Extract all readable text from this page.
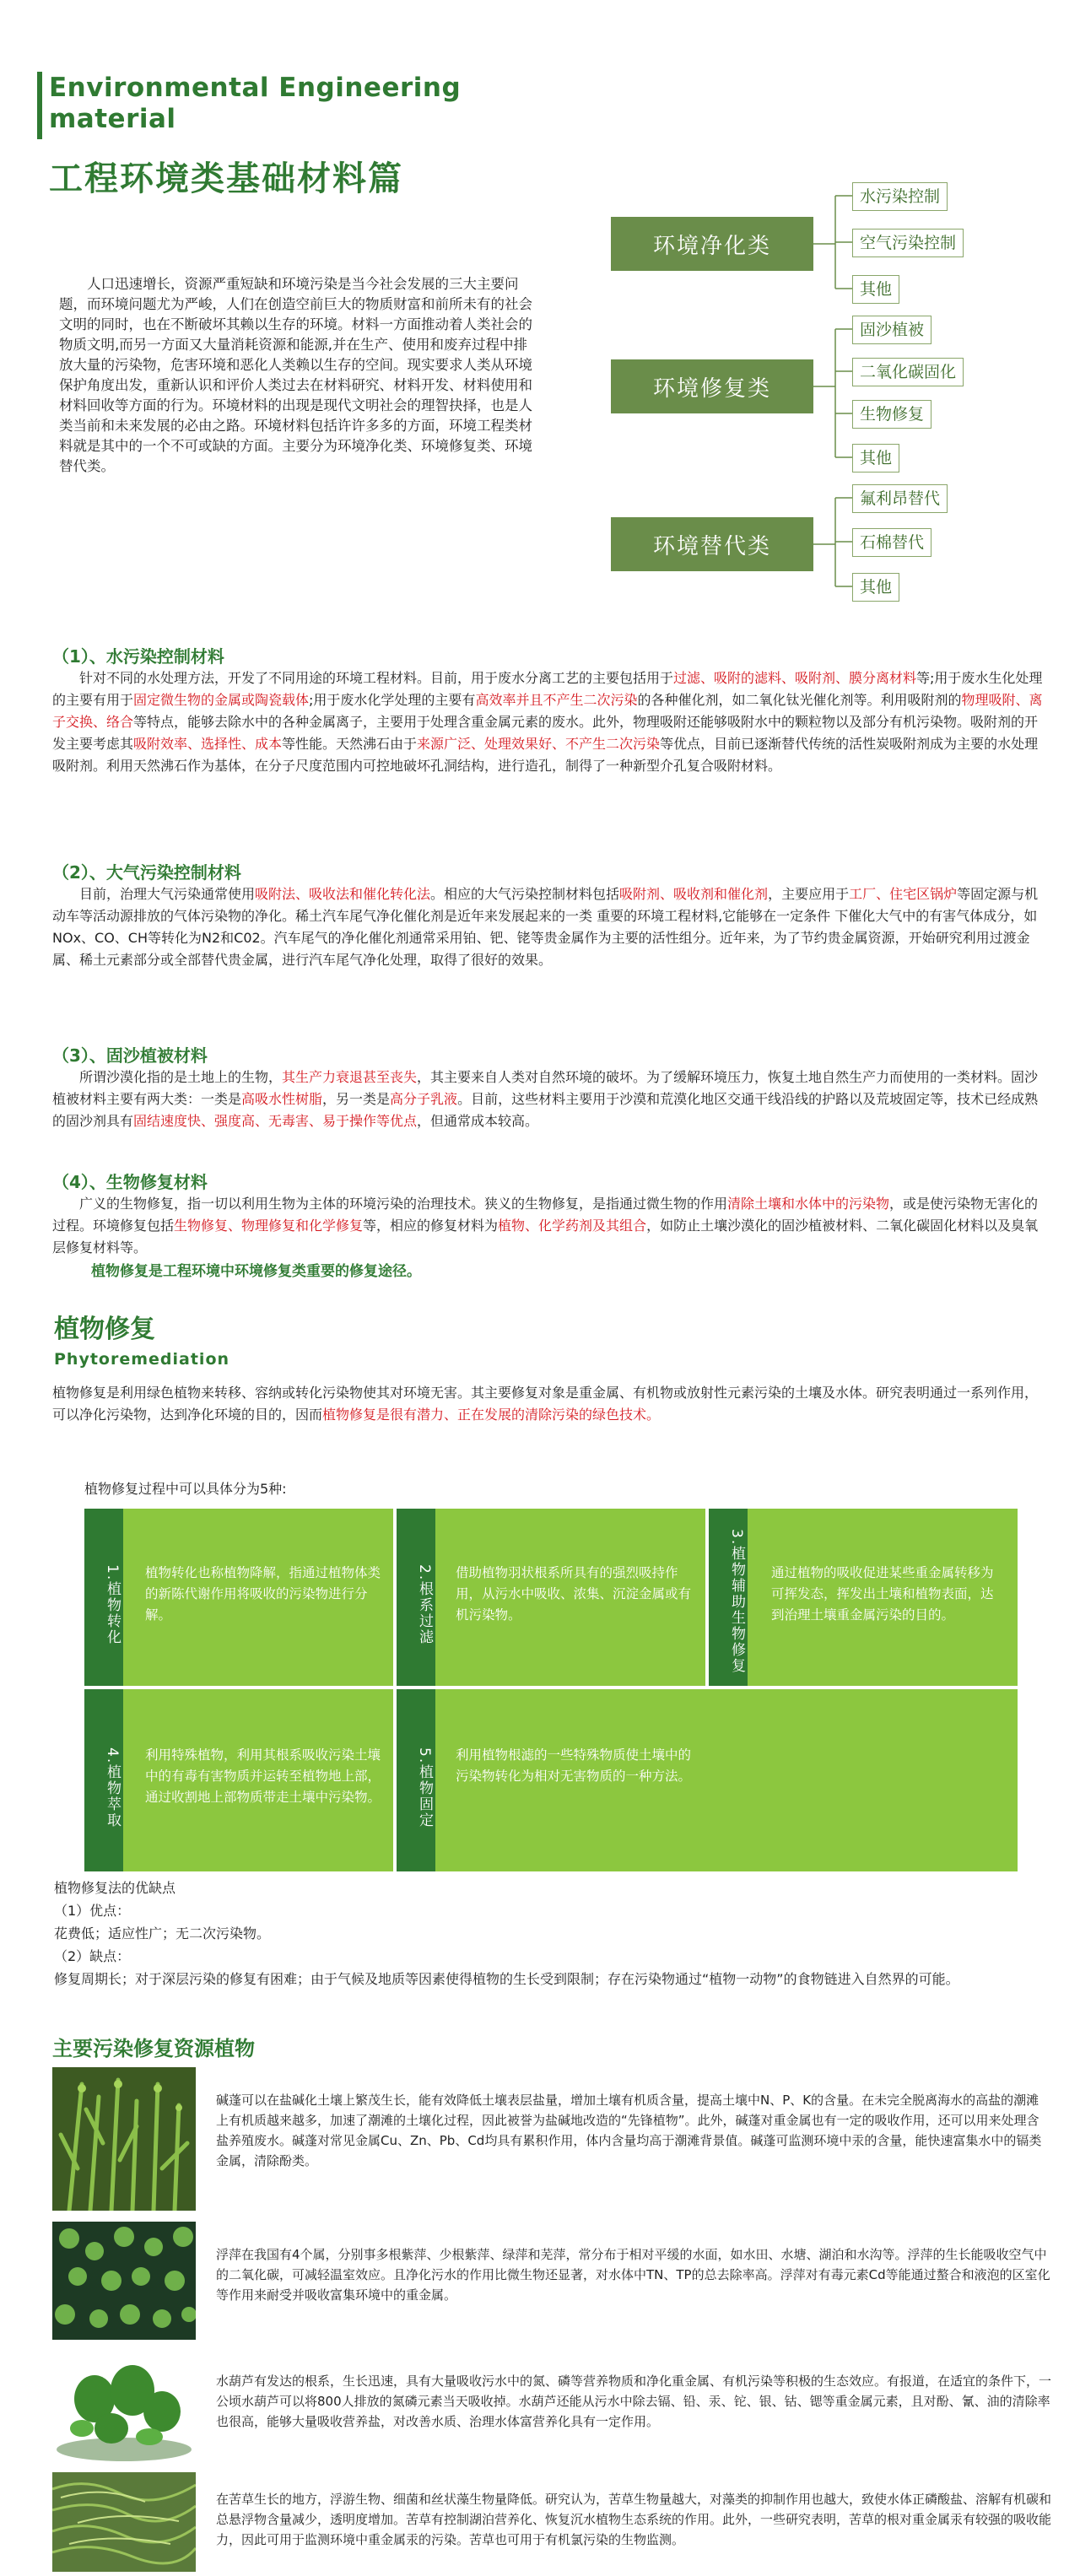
Environmental Engineering
material
工程环境类基础材料篇
人口迅速增长，资源严重短缺和环境污染是当今社会发展的三大主要问题，而环境问题尤为严峻，人们在创造空前巨大的物质财富和前所未有的社会文明的同时，也在不断破坏其赖以生存的环境。材料一方面推动着人类社会的物质文明,而另一方面又大量消耗资源和能源,并在生产、使用和废弃过程中排放大量的污染物，危害环境和恶化人类赖以生存的空间。现实要求人类从环境保护角度出发，重新认识和评价人类过去在材料研究、材料开发、材料使用和材料回收等方面的行为。环境材料的出现是现代文明社会的理智抉择，也是人类当前和未来发展的必由之路。环境材料包括许许多多的方面，环境工程类材料就是其中的一个不可或缺的方面。主要分为环境净化类、环境修复类、环境替代类。
环境净化类
环境修复类
环境替代类
水污染控制
空气污染控制
其他
固沙植被
二氧化碳固化
生物修复
其他
氟利昂替代
石棉替代
其他
（1）、水污染控制材料
针对不同的水处理方法，开发了不同用途的环境工程材料。目前，用于废水分离工艺的主要包括用于过滤、吸附的滤料、吸附剂、膜分离材料等;用于废水生化处理的主要有用于固定微生物的金属或陶瓷载体;用于废水化学处理的主要有高效率并且不产生二次污染的各种催化剂，如二氧化钛光催化剂等。利用吸附剂的物理吸附、离子交换、络合等特点，能够去除水中的各种金属离子，主要用于处理含重金属元素的废水。此外，物理吸附还能够吸附水中的颗粒物以及部分有机污染物。吸附剂的开发主要考虑其吸附效率、选择性、成本等性能。天然沸石由于来源广泛、处理效果好、不产生二次污染等优点，目前已逐渐替代传统的活性炭吸附剂成为主要的水处理吸附剂。利用天然沸石作为基体，在分子尺度范围内可控地破坏孔洞结构，进行造孔，制得了一种新型介孔复合吸附材料。
（2）、大气污染控制材料
目前，治理大气污染通常使用吸附法、吸收法和催化转化法。相应的大气污染控制材料包括吸附剂、吸收剂和催化剂，主要应用于工厂、住宅区锅炉等固定源与机动车等活动源排放的气体污染物的净化。稀土汽车尾气净化催化剂是近年来发展起来的一类 重要的环境工程材料,它能够在一定条件 下催化大气中的有害气体成分，如NOx、CO、CH等转化为N2和C02。汽车尾气的净化催化剂通常采用铂、钯、铑等贵金属作为主要的活性组分。近年来，为了节约贵金属资源，开始研究利用过渡金属、稀土元素部分或全部替代贵金属，进行汽车尾气净化处理，取得了很好的效果。
（3）、固沙植被材料
所谓沙漠化指的是土地上的生物，其生产力衰退甚至丧失，其主要来自人类对自然环境的破坏。为了缓解环境压力，恢复土地自然生产力而使用的一类材料。固沙植被材料主要有两大类：一类是高吸水性树脂，另一类是高分子乳液。目前，这些材料主要用于沙漠和荒漠化地区交通干线沿线的护路以及荒坡固定等，技术已经成熟的固沙剂具有固结速度快、强度高、无毒害、易于操作等优点，但通常成本较高。
（4）、生物修复材料
广义的生物修复，指一切以利用生物为主体的环境污染的治理技术。狭义的生物修复，是指通过微生物的作用清除土壤和水体中的污染物，或是使污染物无害化的过程。环境修复包括生物修复、物理修复和化学修复等，相应的修复材料为植物、化学药剂及其组合，如防止土壤沙漠化的固沙植被材料、二氧化碳固化材料以及臭氧层修复材料等。
植物修复是工程环境中环境修复类重要的修复途径。
植物修复
Phytoremediation
植物修复是利用绿色植物来转移、容纳或转化污染物使其对环境无害。其主要修复对象是重金属、有机物或放射性元素污染的土壤及水体。研究表明通过一系列作用，可以净化污染物，达到净化环境的目的，因而植物修复是很有潜力、正在发展的清除污染的绿色技术。
植物修复过程中可以具体分为5种:
1.植物转化 植物转化也称植物降解，指通过植物体类的新陈代谢作用将吸收的污染物进行分解。	2.根系过滤 借助植物羽状根系所具有的强烈吸持作用，从污水中吸收、浓集、沉淀金属或有机污染物。	3.植物辅助生物修复 通过植物的吸收促进某些重金属转移为可挥发态，挥发出土壤和植物表面，达到治理土壤重金属污染的目的。
4.植物萃取 利用特殊植物，利用其根系吸收污染土壤中的有毒有害物质并运转至植物地上部，通过收割地上部物质带走土壤中污染物。	5.植物固定 利用植物根滤的一些特殊物质使土壤中的污染物转化为相对无害物质的一种方法。
植物修复法的优缺点
（1）优点：
花费低；适应性广；无二次污染物。
（2）缺点：
修复周期长；对于深层污染的修复有困难；由于气候及地质等因素使得植物的生长受到限制；存在污染物通过“植物一动物”的食物链进入自然界的可能。
主要污染修复资源植物
碱蓬可以在盐碱化土壤上繁茂生长，能有效降低土壤表层盐量，增加土壤有机质含量，提高土壤中N、P、K的含量。在未完全脱离海水的高盐的潮滩上有机质越来越多，加速了潮滩的土壤化过程，因此被誉为盐碱地改造的“先锋植物”。此外，碱蓬对重金属也有一定的吸收作用，还可以用来处理含盐养殖废水。碱蓬对常见金属Cu、Zn、Pb、Cd均具有累积作用，体内含量均高于潮滩背景值。碱蓬可监测环境中汞的含量，能快速富集水中的镉类金属，清除酚类。
浮萍在我国有4个属，分别事多根紫萍、少根紫萍、绿萍和芜萍，常分布于相对平缓的水面，如水田、水塘、湖泊和水沟等。浮萍的生长能吸收空气中的二氧化碳，可减轻温室效应。且净化污水的作用比微生物还显著，对水体中TN、TP的总去除率高。浮萍对有毒元素Cd等能通过螯合和液泡的区室化等作用来耐受并吸收富集环境中的重金属。
水葫芦有发达的根系，生长迅速，具有大量吸收污水中的氮、磷等营养物质和净化重金属、有机污染等积极的生态效应。有报道，在适宜的条件下，一公顷水葫芦可以将800人排放的氮磷元素当天吸收掉。水葫芦还能从污水中除去镉、铅、汞、铊、银、钴、锶等重金属元素，且对酚、氰、油的清除率也很高，能够大量吸收营养盐，对改善水质、治理水体富营养化具有一定作用。
在苦草生长的地方，浮游生物、细菌和丝状藻生物量降低。研究认为，苦草生物量越大，对藻类的抑制作用也越大，致使水体正磷酸盐、溶解有机碳和总悬浮物含量减少，透明度增加。苦草有控制湖泊营养化、恢复沉水植物生态系统的作用。此外，一些研究表明，苦草的根对重金属汞有较强的吸收能力，因此可用于监测环境中重金属汞的污染。苦草也可用于有机氯污染的生物监测。
